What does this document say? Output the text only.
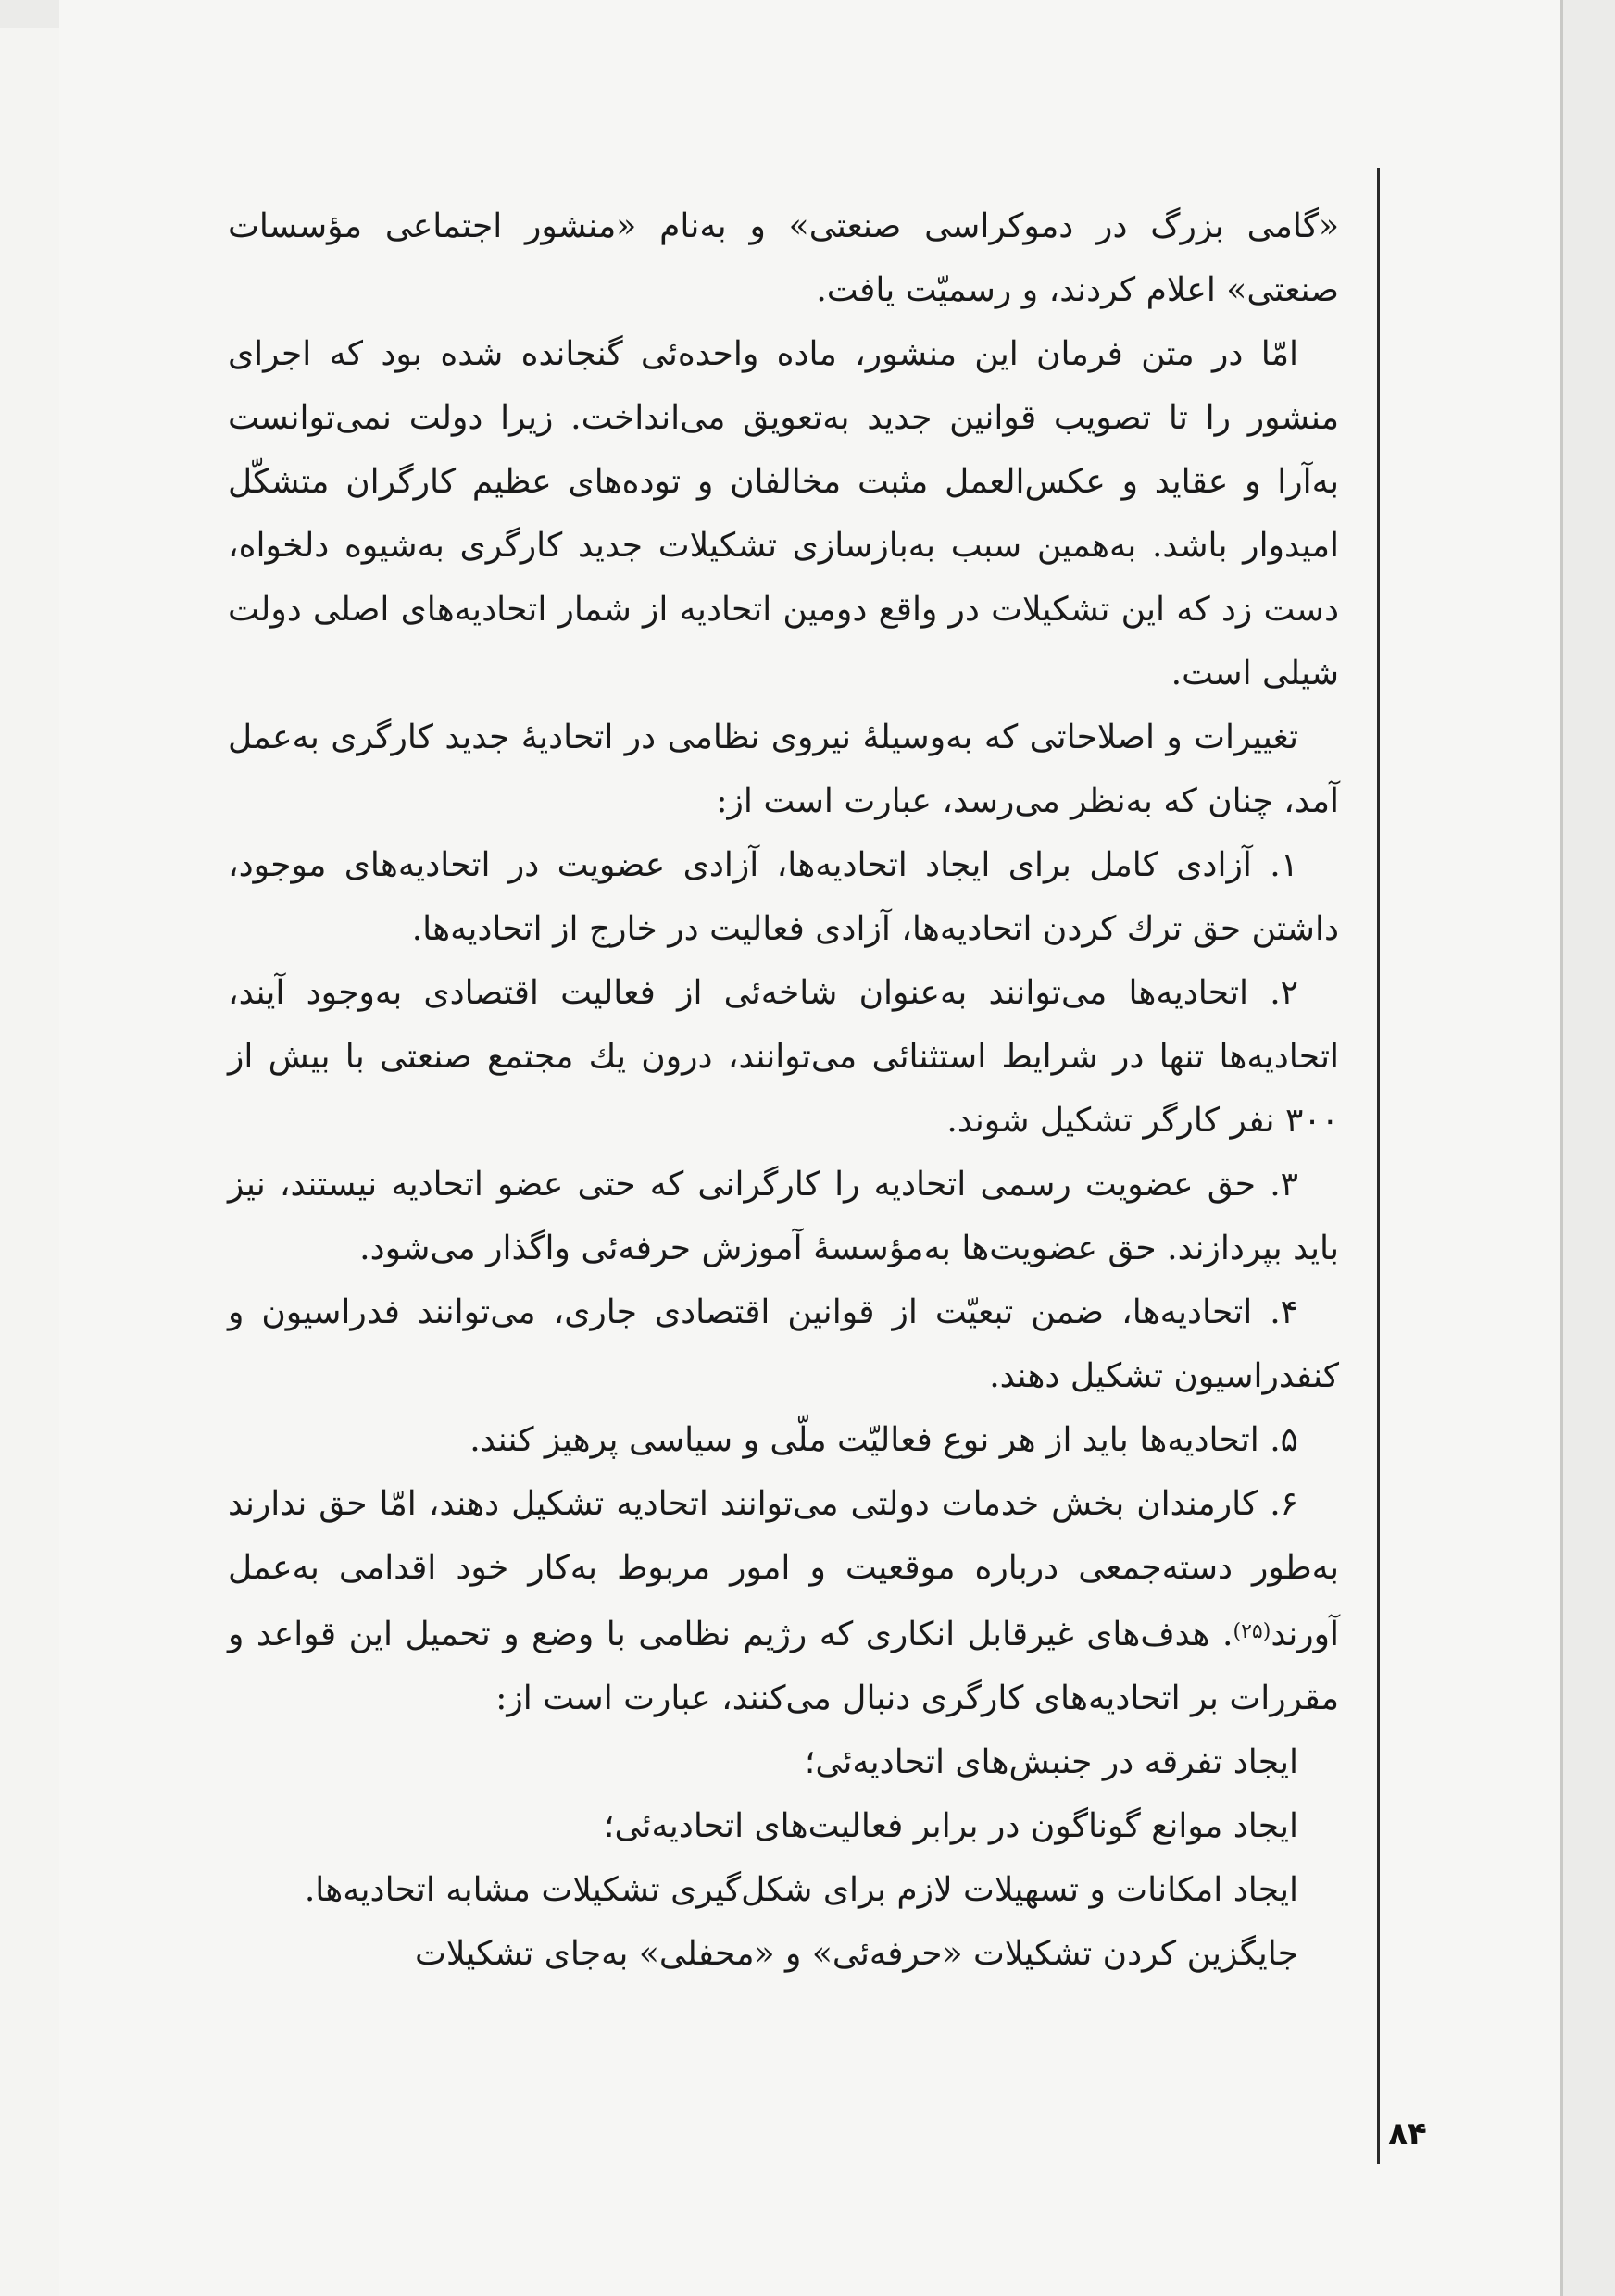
«گامی بزرگ در دموکراسی صنعتی» و به‌نام «منشور اجتماعی مؤسسات صنعتی» اعلام کردند، و رسمیّت یافت.

امّا در متن فرمان این منشور، ماده واحده‌ئی گنجانده شده بود که اجرای منشور را تا تصویب قوانین جدید به‌تعویق می‌انداخت. زیرا دولت نمی‌توانست به‌آرا و عقاید و عکس‌العمل مثبت مخالفان و توده‌های عظیم کارگران متشکّل امیدوار باشد. به‌همین سبب به‌بازسازی تشکیلات جدید کارگری به‌شیوه دلخواه، دست زد که این تشکیلات در واقع دومین اتحادیه از شمار اتحادیه‌های اصلی دولت شیلی است.

تغییرات و اصلاحاتی که به‌وسیلهٔ نیروی نظامی در اتحادیهٔ جدید کارگری به‌عمل آمد، چنان که به‌نظر می‌رسد، عبارت است از:

۱. آزادی کامل برای ایجاد اتحادیه‌ها، آزادی عضویت در اتحادیه‌های موجود، داشتن حق ترك کردن اتحادیه‌ها، آزادی فعالیت در خارج از اتحادیه‌ها.

۲. اتحادیه‌ها می‌توانند به‌عنوان شاخه‌ئی از فعالیت اقتصادی به‌وجود آیند، اتحادیه‌ها تنها در شرایط استثنائی می‌توانند، درون یك مجتمع صنعتی با بیش از ۳۰۰ نفر کارگر تشکیل شوند.

۳. حق عضویت رسمی اتحادیه را کارگرانی که حتی عضو اتحادیه نیستند، نیز باید بپردازند. حق عضویت‌ها به‌مؤسسهٔ آموزش حرفه‌ئی واگذار می‌شود.

۴. اتحادیه‌ها، ضمن تبعیّت از قوانین اقتصادی جاری، می‌توانند فدراسیون و کنفدراسیون تشکیل دهند.

۵. اتحادیه‌ها باید از هر نوع فعالیّت ملّی و سیاسی پرهیز کنند.

۶. کارمندان بخش خدمات دولتی می‌توانند اتحادیه تشکیل دهند، امّا حق ندارند به‌طور دسته‌جمعی درباره موقعیت و امور مربوط به‌کار خود اقدامی به‌عمل آورند$^{(۲۵)}$. هدف‌های غیرقابل انکاری که رژیم نظامی با وضع و تحمیل این قواعد و مقررات بر اتحادیه‌های کارگری دنبال می‌کنند، عبارت است از:

ایجاد تفرقه در جنبش‌های اتحادیه‌ئی؛

ایجاد موانع گوناگون در برابر فعالیت‌های اتحادیه‌ئی؛

ایجاد امکانات و تسهیلات لازم برای شکل‌گیری تشکیلات مشابه اتحادیه‌ها.

جایگزین کردن تشکیلات «حرفه‌ئی» و «محفلی» به‌جای تشکیلات

۸۴
